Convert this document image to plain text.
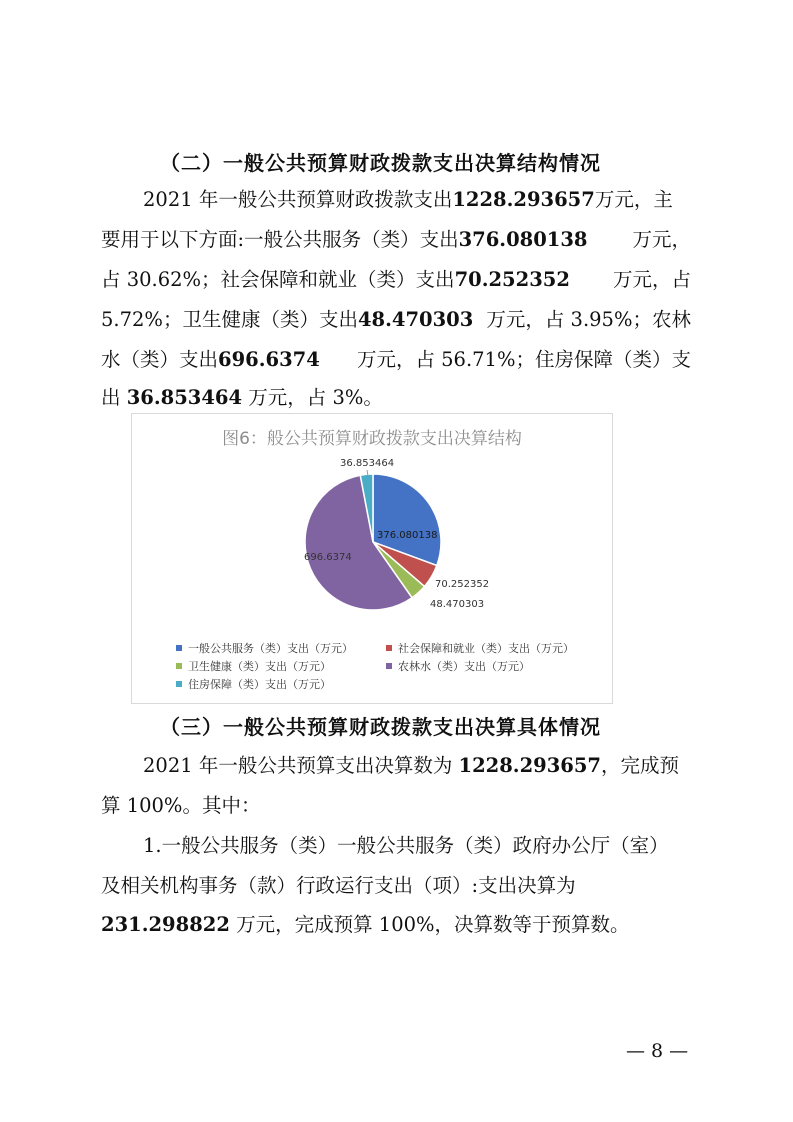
（二）一般公共预算财政拨款支出决算结构情况
2021 年一般公共预算财政拨款支出1228.293657万元，主
要用于以下方面:一般公共服务（类）支出376.080138 万元，
占 30.62%；社会保障和就业（类）支出70.252352 万元，占
5.72%；卫生健康（类）支出48.470303 万元，占 3.95%；农林
水（类）支出696.6374 万元，占 56.71%；住房保障（类）支
出 36.853464 万元，占 3%。
图6：般公共预算财政拨款支出决算结构
376.080138
70.252352
48.470303
696.6374
36.853464
一般公共服务（类）支出（万元）	社会保障和就业（类）支出（万元）
卫生健康（类）支出（万元）	农林水（类）支出（万元）
住房保障（类）支出（万元）
（三）一般公共预算财政拨款支出决算具体情况
2021 年一般公共预算支出决算数为 1228.293657，完成预
算 100%。其中：
1.一般公共服务（类）一般公共服务（类）政府办公厅（室）
及相关机构事务（款）行政运行支出（项）:支出决算为
231.298822 万元，完成预算 100%，决算数等于预算数。
— 8 —
